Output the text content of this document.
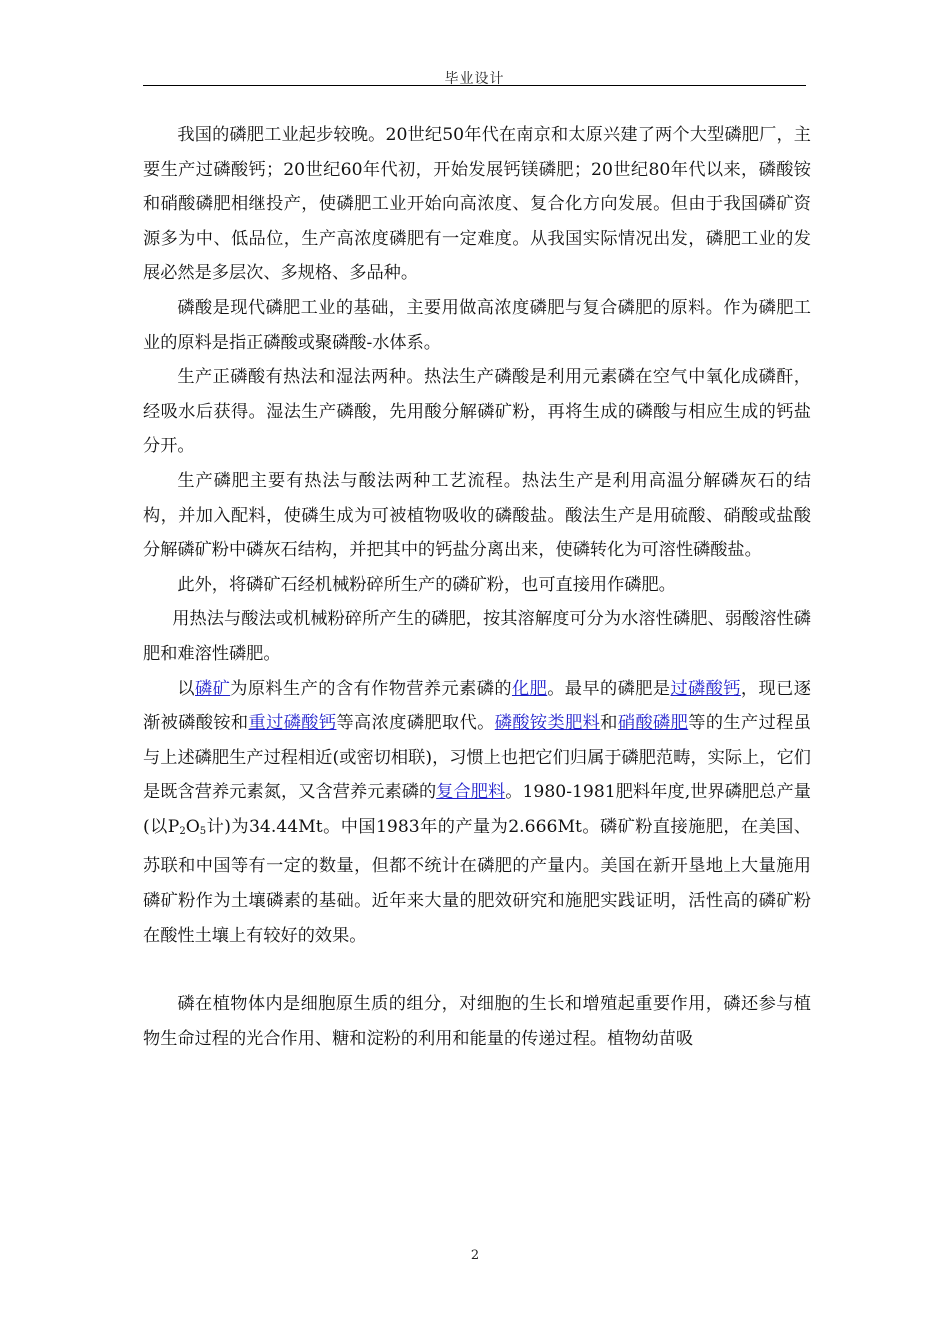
毕业设计

我国的磷肥工业起步较晚。20世纪50年代在南京和太原兴建了两个大型磷肥厂，主要生产过磷酸钙；20世纪60年代初，开始发展钙镁磷肥；20世纪80年代以来，磷酸铵和硝酸磷肥相继投产，使磷肥工业开始向高浓度、复合化方向发展。但由于我国磷矿资源多为中、低品位，生产高浓度磷肥有一定难度。从我国实际情况出发，磷肥工业的发展必然是多层次、多规格、多品种。

磷酸是现代磷肥工业的基础，主要用做高浓度磷肥与复合磷肥的原料。作为磷肥工业的原料是指正磷酸或聚磷酸-水体系。

生产正磷酸有热法和湿法两种。热法生产磷酸是利用元素磷在空气中氧化成磷酐，经吸水后获得。湿法生产磷酸，先用酸分解磷矿粉，再将生成的磷酸与相应生成的钙盐分开。

生产磷肥主要有热法与酸法两种工艺流程。热法生产是利用高温分解磷灰石的结构，并加入配料，使磷生成为可被植物吸收的磷酸盐。酸法生产是用硫酸、硝酸或盐酸分解磷矿粉中磷灰石结构，并把其中的钙盐分离出来，使磷转化为可溶性磷酸盐。

此外，将磷矿石经机械粉碎所生产的磷矿粉，也可直接用作磷肥。

用热法与酸法或机械粉碎所产生的磷肥，按其溶解度可分为水溶性磷肥、弱酸溶性磷肥和难溶性磷肥。

以磷矿为原料生产的含有作物营养元素磷的化肥。最早的磷肥是过磷酸钙，现已逐渐被磷酸铵和重过磷酸钙等高浓度磷肥取代。磷酸铵类肥料和硝酸磷肥等的生产过程虽与上述磷肥生产过程相近(或密切相联)，习惯上也把它们归属于磷肥范畴，实际上，它们是既含营养元素氮，又含营养元素磷的复合肥料。1980-1981肥料年度,世界磷肥总产量(以$P_2O_5$计)为34.44Mt。中国1983年的产量为2.666Mt。磷矿粉直接施肥，在美国、苏联和中国等有一定的数量，但都不统计在磷肥的产量内。美国在新开垦地上大量施用磷矿粉作为土壤磷素的基础。近年来大量的肥效研究和施肥实践证明，活性高的磷矿粉在酸性土壤上有较好的效果。

磷在植物体内是细胞原生质的组分，对细胞的生长和增殖起重要作用，磷还参与植物生命过程的光合作用、糖和淀粉的利用和能量的传递过程。植物幼苗吸

2
